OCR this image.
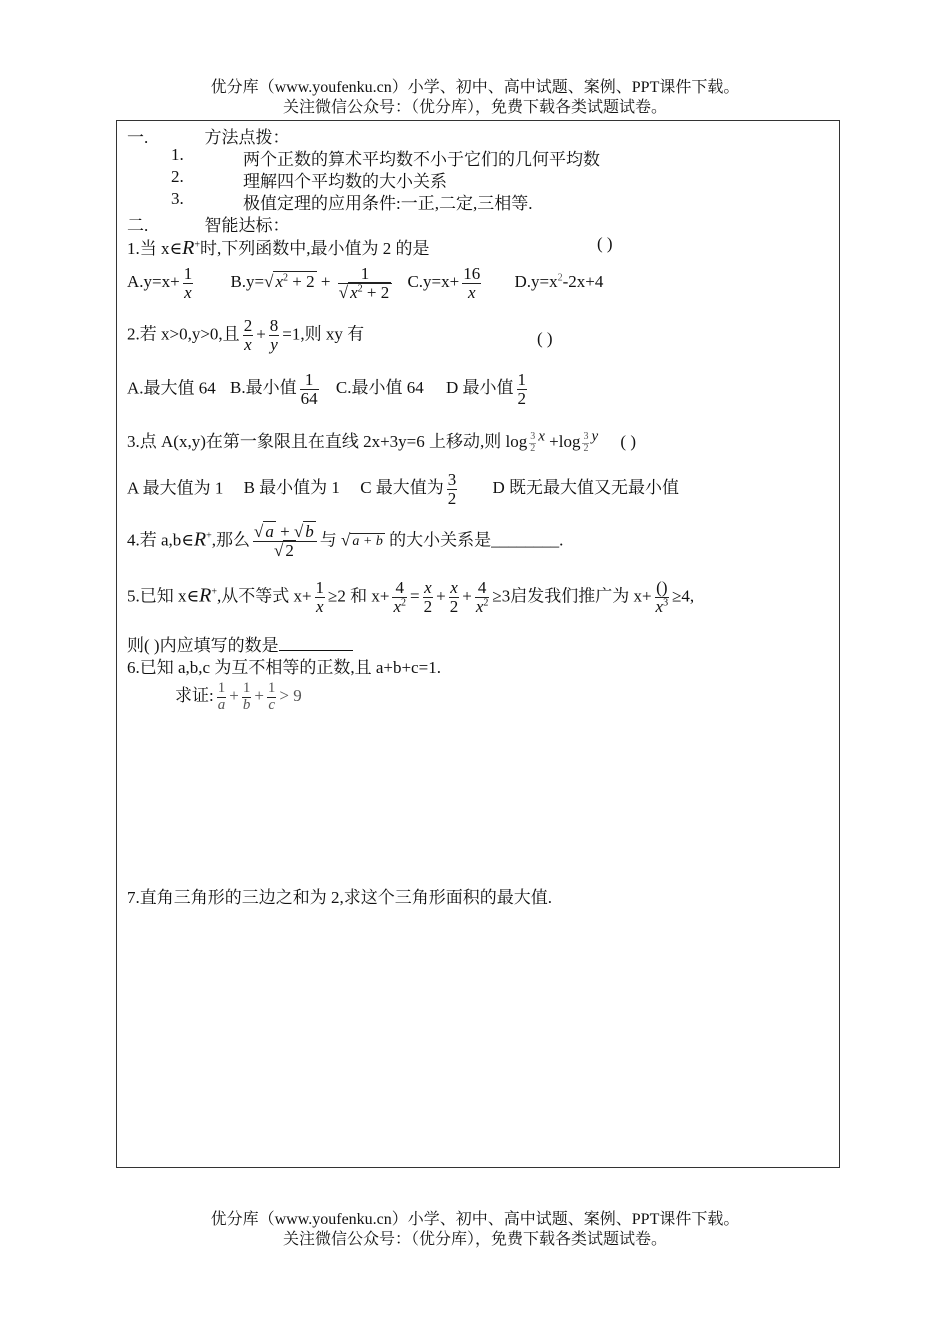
优分库（www.youfenku.cn）小学、初中、高中试题、案例、PPT课件下载。
关注微信公众号：（优分库），免费下载各类试题试卷。
一.	方法点拨：
1.	两个正数的算术平均数不小于它们的几何平均数
2.	理解四个平均数的大小关系
3.	极值定理的应用条件:一正,二定,三相等.
二.	智能达标：
1.当 x∈R+时,下列函数中,最小值为 2 的是	( )
$A.y=x+ \frac{1}{x} B.y=√$ $x^2 + 2 + \frac{1}{√ x^2 + 2} C.y=x+ \frac{16}{x} D.y=x^2-2x+4$
2.若 x>0,y>0,且 $\frac{2}{x} + \frac{8}{y} =1$,则 xy 有	( )
A.最大值 64 B.最小值 $\frac{1}{64} C$.最小值 64 D 最小值 $\frac{1}{2}$
3.点 A(x,y)在第一象限且在直线 2x+3y=6 上移动,则 $\log \frac{3}{2}$ $x +\log \frac{3}{2}$ y ( )
A 最大值为 1 B 最小值为 1 C 最大值为 $\frac{3}{2}$ D 既无最大值又无最小值
4.若 a,b∈R+,那么 $\frac{√ a + √ b}{√ 2}$ 与 √ a + b 的大小关系是________.
5.已知 x∈R+,从不等式 $x+ \frac{1}{x} \ge 2$ 和 $x+ \frac{4}{x^2} = \frac{x}{2} + \frac{x}{2} + \frac{4}{x^2} \ge 3$启发我们推广为 $x+ \frac{()}{x^3} \ge 4$,
则( )内应填写的数是
6.已知 a,b,c 为互不相等的正数,且 a+b+c=1.
求证: $\frac{1}{a} + \frac{1}{b} + \frac{1}{c} > 9$
7.直角三角形的三边之和为 2,求这个三角形面积的最大值.
优分库（www.youfenku.cn）小学、初中、高中试题、案例、PPT课件下载。
关注微信公众号：（优分库），免费下载各类试题试卷。
